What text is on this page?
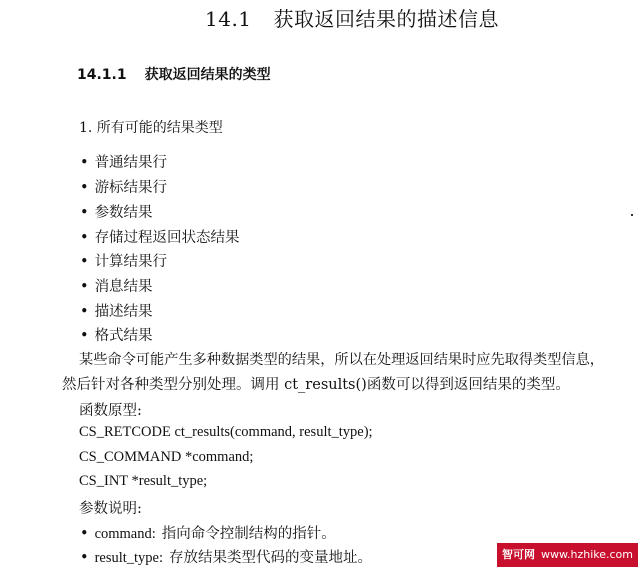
14.1 获取返回结果的描述信息
14.1.1 获取返回结果的类型
1. 所有可能的结果类型
• 普通结果行
• 游标结果行
• 参数结果
• 存储过程返回状态结果
• 计算结果行
• 消息结果
• 描述结果
• 格式结果
某些命令可能产生多种数据类型的结果，所以在处理返回结果时应先取得类型信息，
然后针对各种类型分别处理。调用 ct_results()函数可以得到返回结果的类型。
函数原型:
CS_RETCODE ct_results(command, result_type);
CS_COMMAND *command;
CS_INT *result_type;
参数说明:
• command: 指向命令控制结构的指针。
• result_type: 存放结果类型代码的变量地址。	智可网 www.hzhike.com
